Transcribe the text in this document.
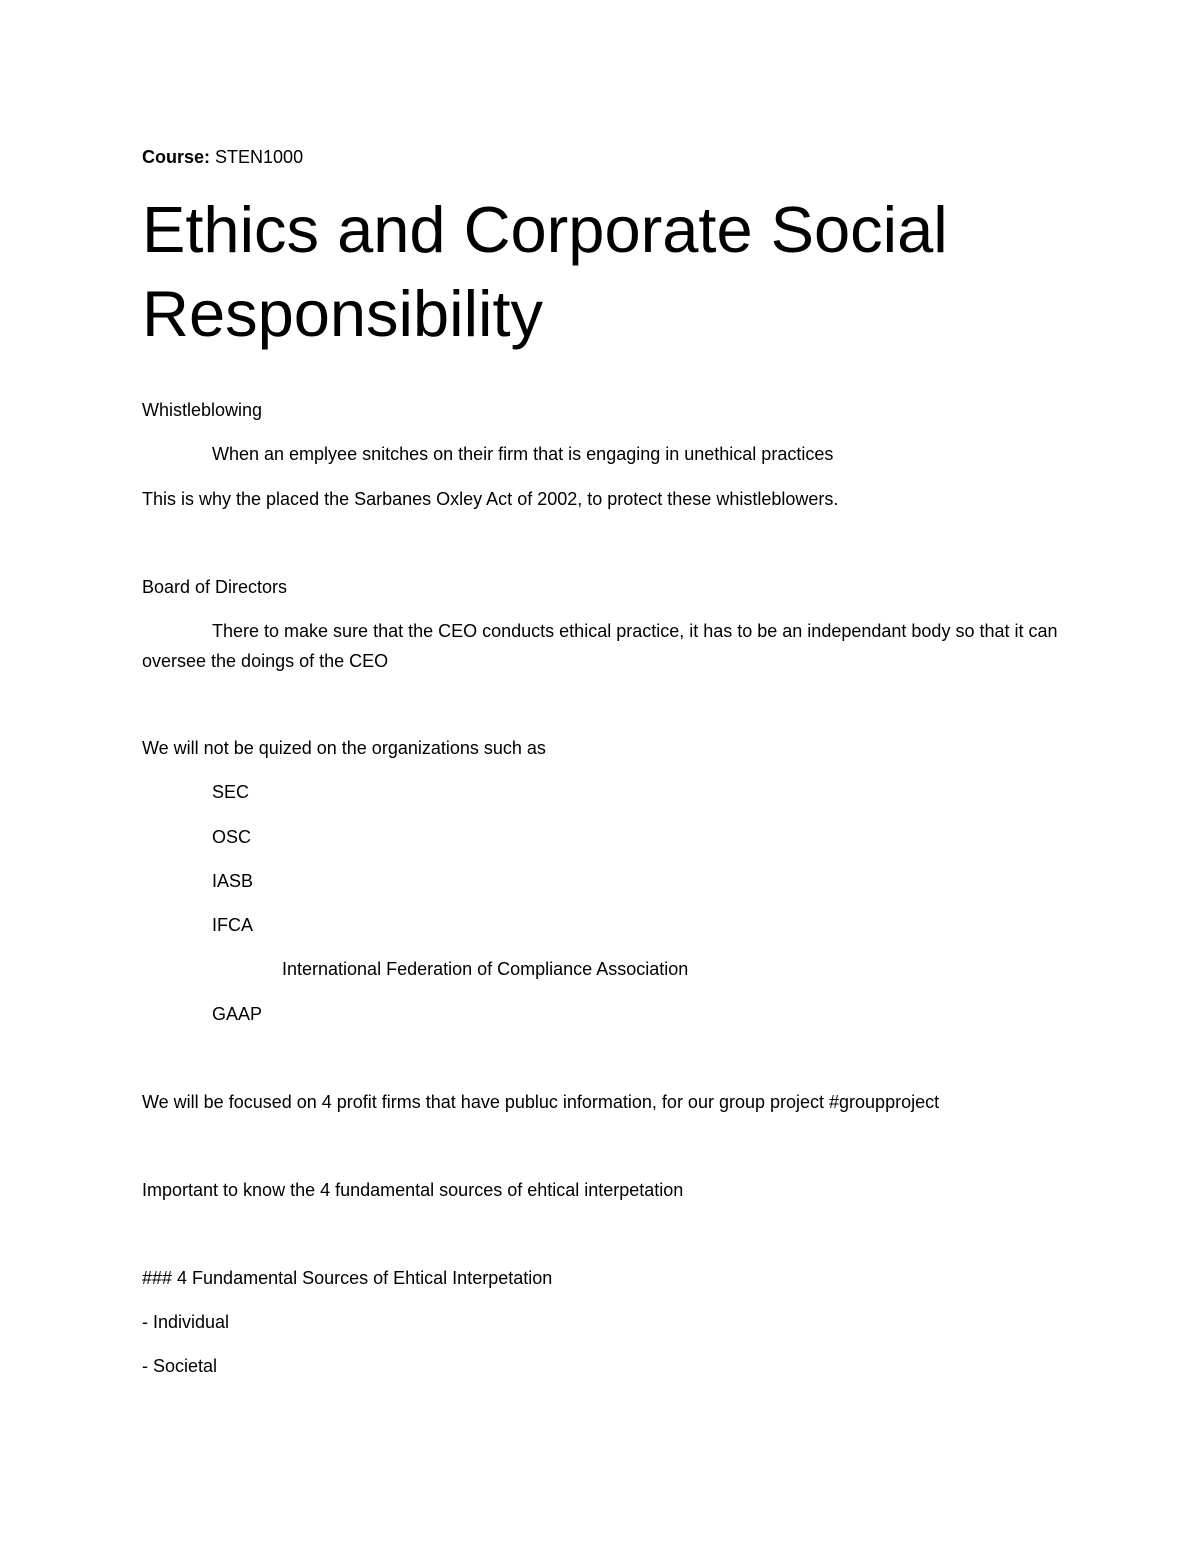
Course: STEN1000
Ethics and Corporate Social
Responsibility
Whistleblowing
When an emplyee snitches on their firm that is engaging in unethical practices
This is why the placed the Sarbanes Oxley Act of 2002, to protect these whistleblowers.
Board of Directors
There to make sure that the CEO conducts ethical practice, it has to be an independant body so that it can oversee the doings of the CEO
We will not be quized on the organizations such as
SEC
OSC
IASB
IFCA
International Federation of Compliance Association
GAAP
We will be focused on 4 profit firms that have publuc information, for our group project #groupproject
Important to know the 4 fundamental sources of ehtical interpetation
### 4 Fundamental Sources of Ehtical Interpetation
- Individual
- Societal
